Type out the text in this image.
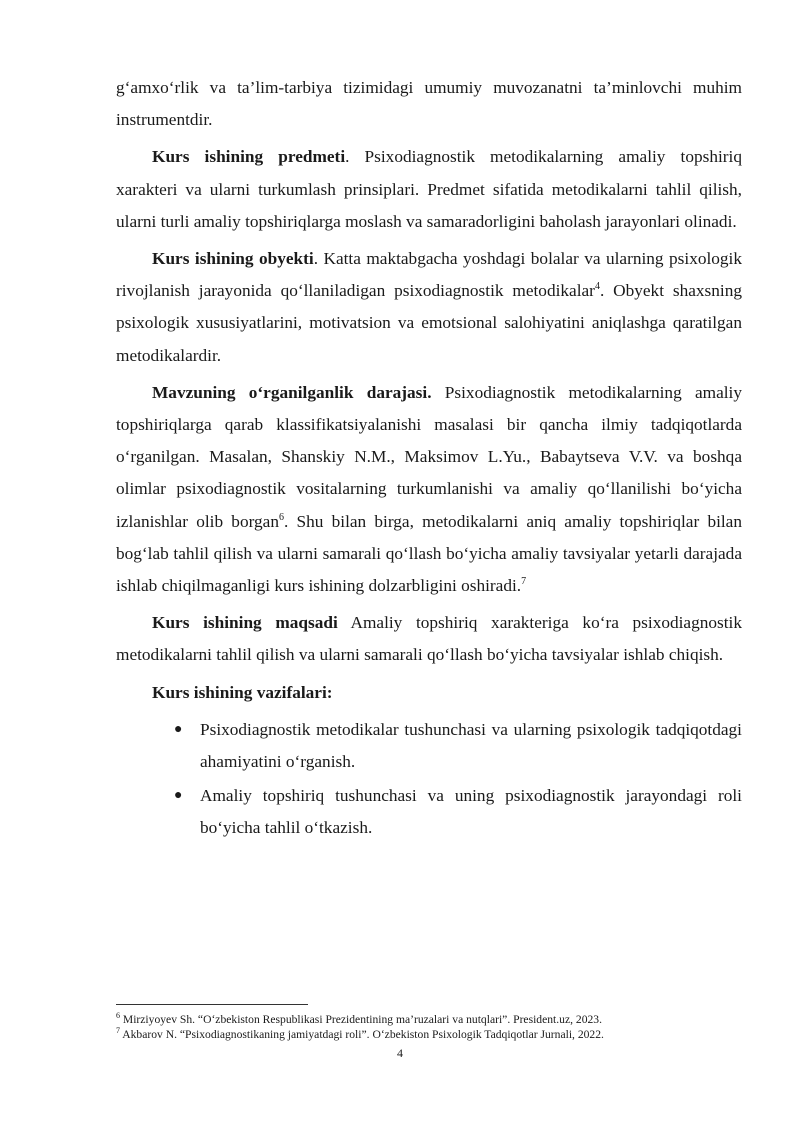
g‘amxo‘rlik va ta’lim-tarbiya tizimidagi umumiy muvozanatni ta’minlovchi muhim instrumentdir.

Kurs ishining predmeti. Psixodiagnostik metodikalarning amaliy topshiriq xarakteri va ularni turkumlash prinsiplari. Predmet sifatida metodikalarni tahlil qilish, ularni turli amaliy topshiriqlarga moslash va samaradorligini baholash jarayonlari olinadi.

Kurs ishining obyekti. Katta maktabgacha yoshdagi bolalar va ularning psixologik rivojlanish jarayonida qo‘llaniladigan psixodiagnostik metodikalar$^4$. Obyekt shaxsning psixologik xususiyatlarini, motivatsion va emotsional salohiyatini aniqlashga qaratilgan metodikalardir.

Mavzuning o‘rganilganlik darajasi. Psixodiagnostik metodikalarning amaliy topshiriqlarga qarab klassifikatsiyalanishi masalasi bir qancha ilmiy tadqiqotlarda o‘rganilgan. Masalan, Shanskiy N.M., Maksimov L.Yu., Babaytseva V.V. va boshqa olimlar psixodiagnostik vositalarning turkumlanishi va amaliy qo‘llanilishi bo‘yicha izlanishlar olib borgan$^6$. Shu bilan birga, metodikalarni aniq amaliy topshiriqlar bilan bog‘lab tahlil qilish va ularni samarali qo‘llash bo‘yicha amaliy tavsiyalar yetarli darajada ishlab chiqilmaganligi kurs ishining dolzarbligini oshiradi.$^7$

Kurs ishining maqsadi Amaliy topshiriq xarakteriga ko‘ra psixodiagnostik metodikalarni tahlil qilish va ularni samarali qo‘llash bo‘yicha tavsiyalar ishlab chiqish.

Kurs ishining vazifalari:

● Psixodiagnostik metodikalar tushunchasi va ularning psixologik tadqiqotdagi ahamiyatini o‘rganish.
● Amaliy topshiriq tushunchasi va uning psixodiagnostik jarayondagi roli bo‘yicha tahlil o‘tkazish.

$^6$ Mirziyoyev Sh. “O‘zbekiston Respublikasi Prezidentining ma’ruzalari va nutqlari”. President.uz, 2023.

$^7$ Akbarov N. “Psixodiagnostikaning jamiyatdagi roli”. O‘zbekiston Psixologik Tadqiqotlar Jurnali, 2022.

4
